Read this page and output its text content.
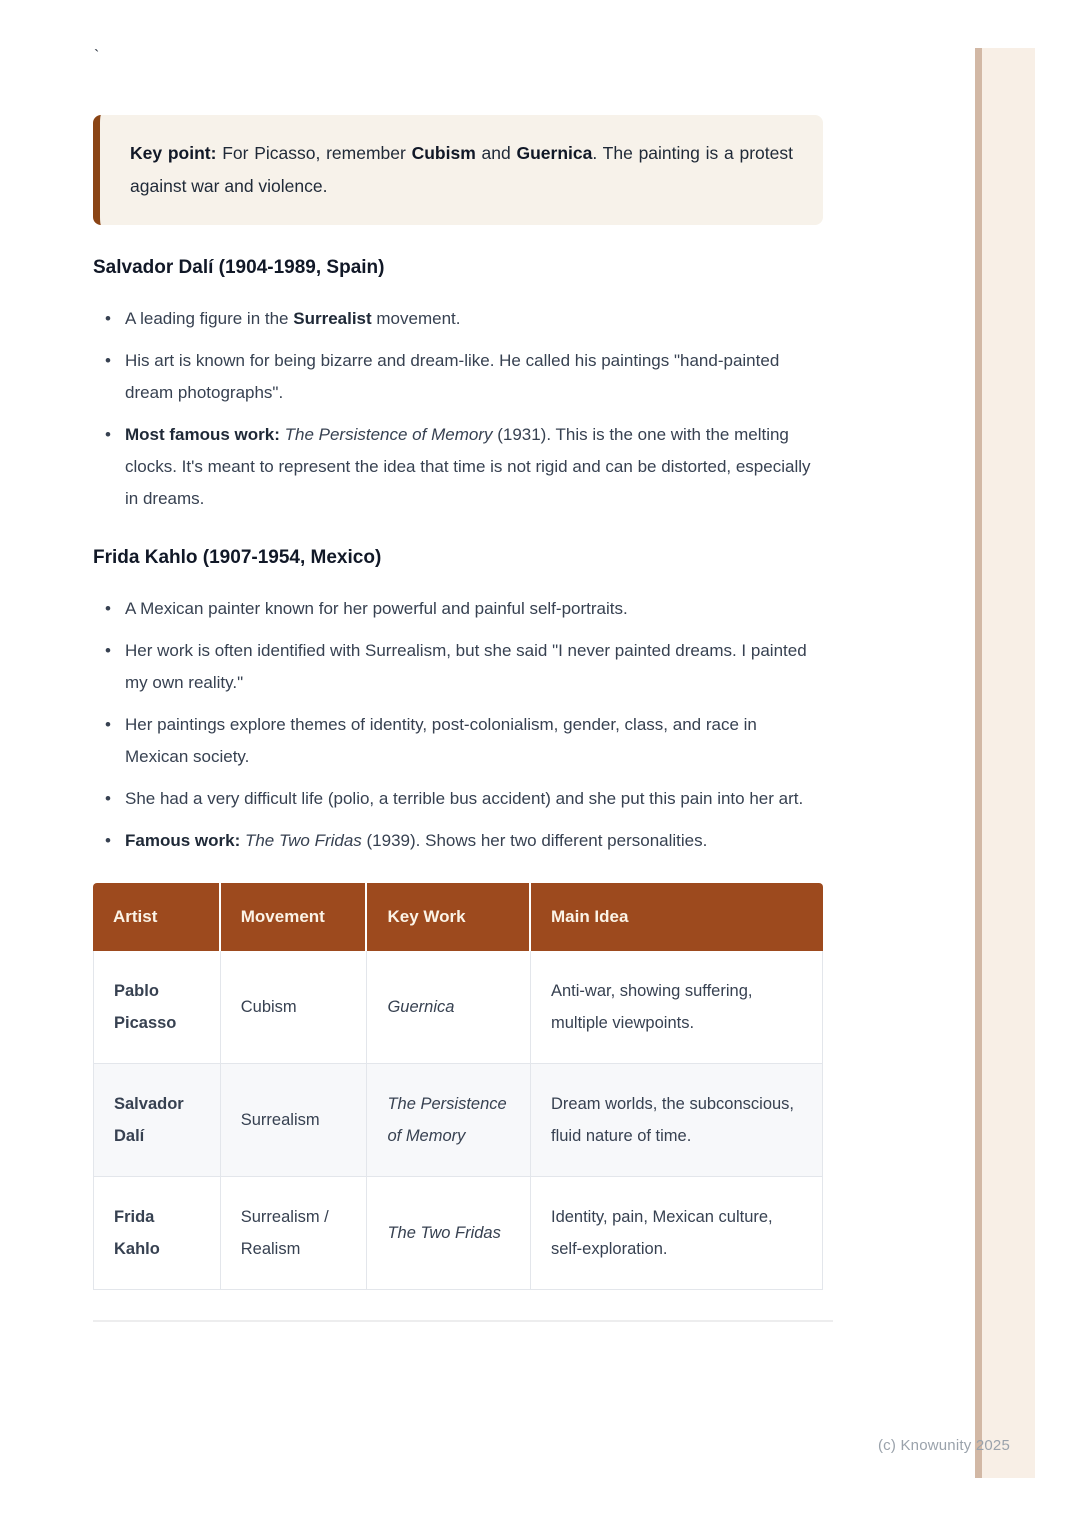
`

Key point: For Picasso, remember Cubism and Guernica. The painting is a protest against war and violence.

Salvador Dalí (1904-1989, Spain)
• A leading figure in the Surrealist movement.
• His art is known for being bizarre and dream-like. He called his paintings "hand-painted dream photographs".
• Most famous work: The Persistence of Memory (1931). This is the one with the melting clocks. It's meant to represent the idea that time is not rigid and can be distorted, especially in dreams.
Frida Kahlo (1907-1954, Mexico)
• A Mexican painter known for her powerful and painful self-portraits.
• Her work is often identified with Surrealism, but she said "I never painted dreams. I painted my own reality."
• Her paintings explore themes of identity, post-colonialism, gender, class, and race in Mexican society.
• She had a very difficult life (polio, a terrible bus accident) and she put this pain into her art.
• Famous work: The Two Fridas (1939). Shows her two different personalities.
Artist	Movement	Key Work	Main Idea
Pablo Picasso	Cubism	Guernica	Anti-war, showing suffering, multiple viewpoints.
Salvador Dalí	Surrealism	The Persistence of Memory	Dream worlds, the subconscious, fluid nature of time.
Frida Kahlo	Surrealism / Realism	The Two Fridas	Identity, pain, Mexican culture, self-exploration.
(c) Knowunity 2025
